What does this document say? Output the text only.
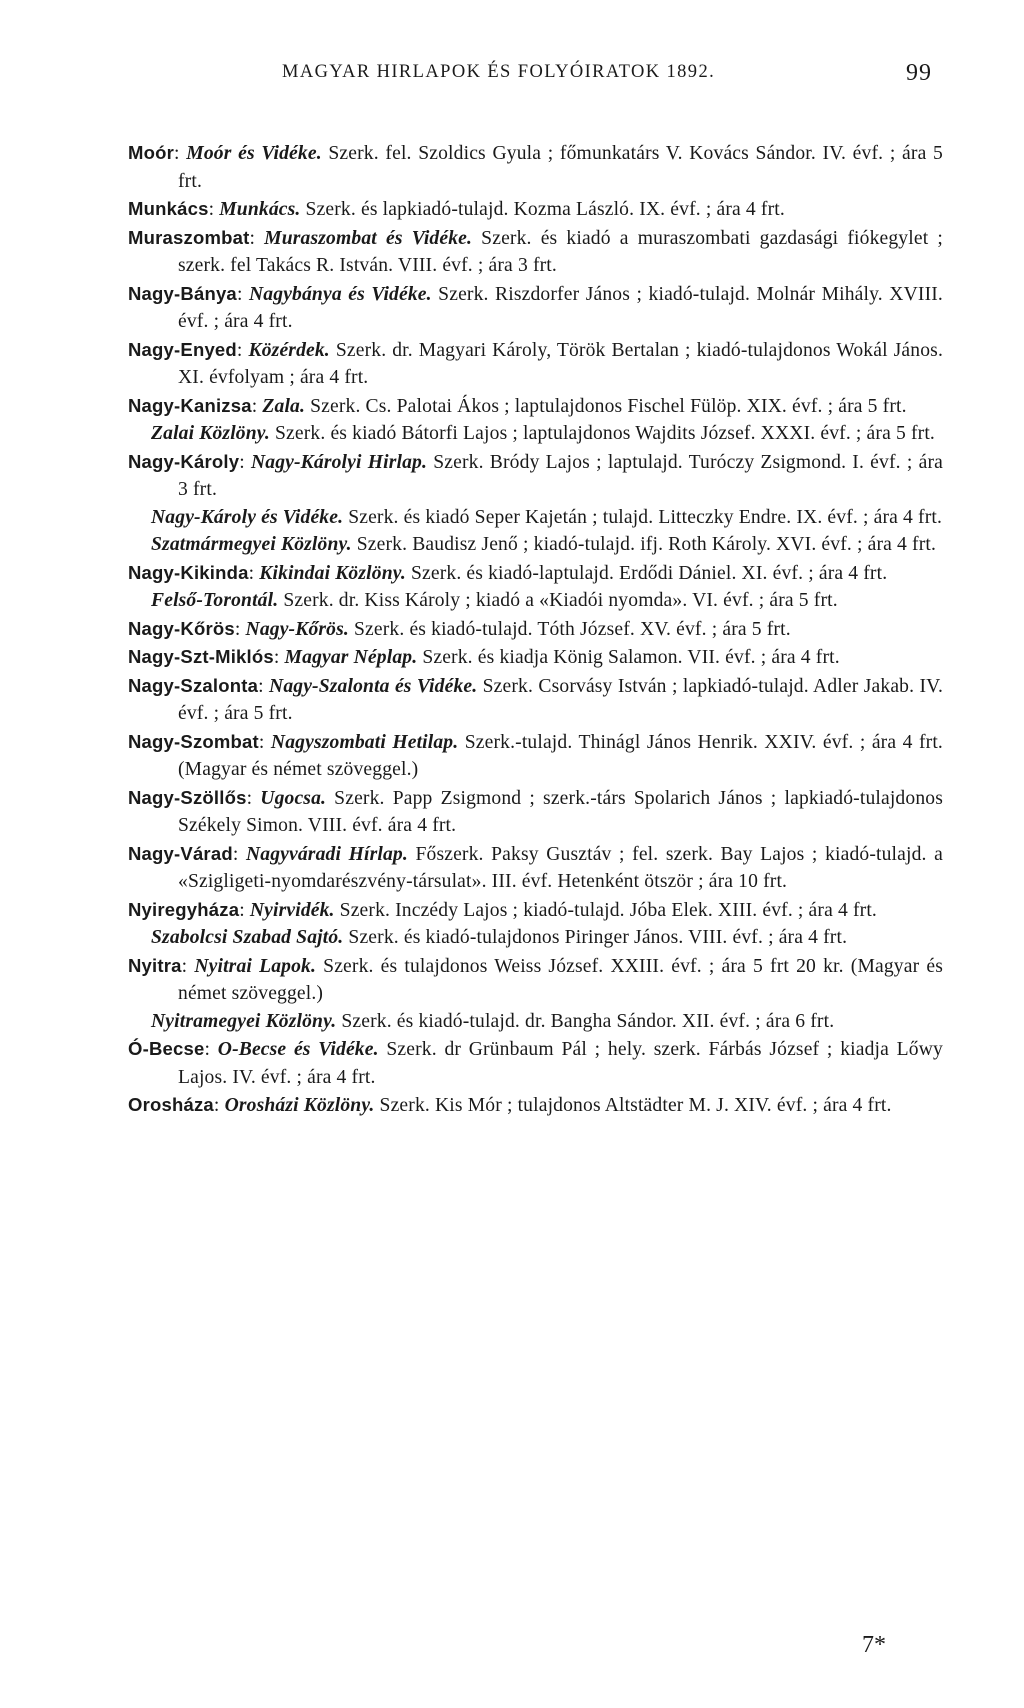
MAGYAR HIRLAPOK ÉS FOLYÓIRATOK 1892.	99
Moór: Moór és Vidéke. Szerk. fel. Szoldics Gyula ; főmunkatárs V. Kovács Sándor. IV. évf. ; ára 5 frt.
Munkács: Munkács. Szerk. és lapkiadó-tulajd. Kozma László. IX. évf. ; ára 4 frt.
Muraszombat: Muraszombat és Vidéke. Szerk. és kiadó a muraszombati gazdasági fiókegylet ; szerk. fel Takács R. István. VIII. évf. ; ára 3 frt.
Nagy-Bánya: Nagybánya és Vidéke. Szerk. Riszdorfer János ; kiadó-tulajd. Molnár Mihály. XVIII. évf. ; ára 4 frt.
Nagy-Enyed: Közérdek. Szerk. dr. Magyari Károly, Török Bertalan ; kiadó-tulajdonos Wokál János. XI. évfolyam ; ára 4 frt.
Nagy-Kanizsa: Zala. Szerk. Cs. Palotai Ákos ; laptulajdonos Fischel Fülöp. XIX. évf. ; ára 5 frt.
Zalai Közlöny. Szerk. és kiadó Bátorfi Lajos ; laptulajdonos Wajdits József. XXXI. évf. ; ára 5 frt.
Nagy-Károly: Nagy-Károlyi Hirlap. Szerk. Bródy Lajos ; laptulajd. Turóczy Zsigmond. I. évf. ; ára 3 frt.
Nagy-Károly és Vidéke. Szerk. és kiadó Seper Kajetán ; tulajd. Litteczky Endre. IX. évf. ; ára 4 frt.
Szatmármegyei Közlöny. Szerk. Baudisz Jenő ; kiadó-tulajd. ifj. Roth Károly. XVI. évf. ; ára 4 frt.
Nagy-Kikinda: Kikindai Közlöny. Szerk. és kiadó-laptulajd. Erdődi Dániel. XI. évf. ; ára 4 frt.
Felső-Torontál. Szerk. dr. Kiss Károly ; kiadó a «Kiadói nyomda». VI. évf. ; ára 5 frt.
Nagy-Kőrös: Nagy-Kőrös. Szerk. és kiadó-tulajd. Tóth József. XV. évf. ; ára 5 frt.
Nagy-Szt-Miklós: Magyar Néplap. Szerk. és kiadja König Salamon. VII. évf. ; ára 4 frt.
Nagy-Szalonta: Nagy-Szalonta és Vidéke. Szerk. Csorvásy István ; lapkiadó-tulajd. Adler Jakab. IV. évf. ; ára 5 frt.
Nagy-Szombat: Nagyszombati Hetilap. Szerk.-tulajd. Thinágl János Henrik. XXIV. évf. ; ára 4 frt. (Magyar és német szöveggel.)
Nagy-Szöllős: Ugocsa. Szerk. Papp Zsigmond ; szerk.-társ Spolarich János ; lapkiadó-tulajdonos Székely Simon. VIII. évf. ára 4 frt.
Nagy-Várad: Nagyváradi Hírlap. Főszerk. Paksy Gusztáv ; fel. szerk. Bay Lajos ; kiadó-tulajd. a «Szigligeti-nyomdarészvény-társulat». III. évf. Hetenként ötször ; ára 10 frt.
Nyiregyháza: Nyirvidék. Szerk. Inczédy Lajos ; kiadó-tulajd. Jóba Elek. XIII. évf. ; ára 4 frt.
Szabolcsi Szabad Sajtó. Szerk. és kiadó-tulajdonos Piringer János. VIII. évf. ; ára 4 frt.
Nyitra: Nyitrai Lapok. Szerk. és tulajdonos Weiss József. XXIII. évf. ; ára 5 frt 20 kr. (Magyar és német szöveggel.)
Nyitramegyei Közlöny. Szerk. és kiadó-tulajd. dr. Bangha Sándor. XII. évf. ; ára 6 frt.
Ó-Becse: O-Becse és Vidéke. Szerk. dr Grünbaum Pál ; hely. szerk. Fárbás József ; kiadja Lőwy Lajos. IV. évf. ; ára 4 frt.
Orosháza: Orosházi Közlöny. Szerk. Kis Mór ; tulajdonos Altstädter M. J. XIV. évf. ; ára 4 frt.
7*
